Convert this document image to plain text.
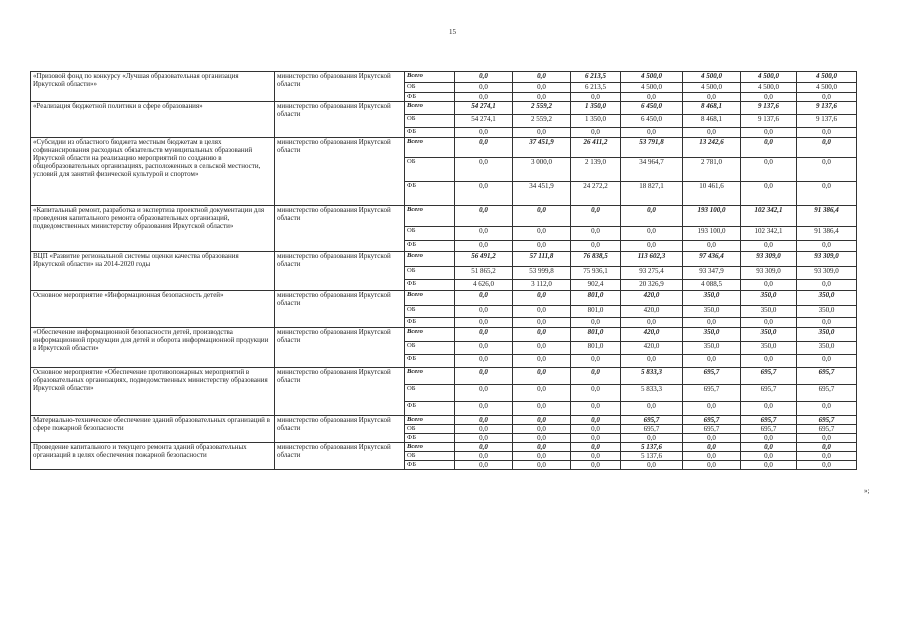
15
«Призовой фонд по конкурсу «Лучшая образовательная организация Иркутской области»»	министерство образования Иркутской области	Всего	0,0	0,0	6 213,5	4 500,0	4 500,0	4 500,0	4 500,0
		ОБ	0,0	0,0	6 213,5	4 500,0	4 500,0	4 500,0	4 500,0
		ФБ	0,0	0,0	0,0	0,0	0,0	0,0	0,0
«Реализация бюджетной политики в сфере образования»	министерство образования Иркутской области	Всего	54 274,1	2 559,2	1 350,0	6 450,0	8 468,1	9 137,6	9 137,6
		ОБ	54 274,1	2 559,2	1 350,0	6 450,0	8 468,1	9 137,6	9 137,6
		ФБ	0,0	0,0	0,0	0,0	0,0	0,0	0,0
«Субсидии из областного бюджета местным бюджетам в целях софинансирования расходных обязательств муниципальных образований Иркутской области на реализацию мероприятий по созданию в общеобразовательных организациях, расположенных в сельской местности, условий для занятий физической культурой и спортом»	министерство образования Иркутской области	Всего	0,0	37 451,9	26 411,2	53 791,8	13 242,6	0,0	0,0
		ОБ	0,0	3 000,0	2 139,0	34 964,7	2 781,0	0,0	0,0
		ФБ	0,0	34 451,9	24 272,2	18 827,1	10 461,6	0,0	0,0
«Капитальный ремонт, разработка и экспертиза проектной документации для проведения капитального ремонта образовательных организаций, подведомственных министерству образования Иркутской области»	министерство образования Иркутской области	Всего	0,0	0,0	0,0	0,0	193 100,0	102 342,1	91 386,4
		ОБ	0,0	0,0	0,0	0,0	193 100,0	102 342,1	91 386,4
		ФБ	0,0	0,0	0,0	0,0	0,0	0,0	0,0
ВЦП «Развитие региональной системы оценки качества образования Иркутской области» на 2014-2020 годы	министерство образования Иркутской области	Всего	56 491,2	57 111,8	76 838,5	113 602,3	97 436,4	93 309,0	93 309,0
		ОБ	51 865,2	53 999,8	75 936,1	93 275,4	93 347,9	93 309,0	93 309,0
		ФБ	4 626,0	3 112,0	902,4	20 326,9	4 088,5	0,0	0,0
Основное мероприятие «Информационная безопасность детей»	министерство образования Иркутской области	Всего	0,0	0,0	801,0	420,0	350,0	350,0	350,0
		ОБ	0,0	0,0	801,0	420,0	350,0	350,0	350,0
		ФБ	0,0	0,0	0,0	0,0	0,0	0,0	0,0
«Обеспечение информационной безопасности детей, производства информационной продукции для детей и оборота информационной продукции в Иркутской области»	министерство образования Иркутской области	Всего	0,0	0,0	801,0	420,0	350,0	350,0	350,0
		ОБ	0,0	0,0	801,0	420,0	350,0	350,0	350,0
		ФБ	0,0	0,0	0,0	0,0	0,0	0,0	0,0
Основное мероприятие «Обеспечение противопожарных мероприятий в образовательных организациях, подведомственных министерству образования Иркутской области»	министерство образования Иркутской области	Всего	0,0	0,0	0,0	5 833,3	695,7	695,7	695,7
		ОБ	0,0	0,0	0,0	5 833,3	695,7	695,7	695,7
		ФБ	0,0	0,0	0,0	0,0	0,0	0,0	0,0
Материально-техническое обеспечение зданий образовательных организаций в сфере пожарной безопасности	министерство образования Иркутской области	Всего	0,0	0,0	0,0	695,7	695,7	695,7	695,7
		ОБ	0,0	0,0	0,0	695,7	695,7	695,7	695,7
		ФБ	0,0	0,0	0,0	0,0	0,0	0,0	0,0
Проведение капитального и текущего ремонта зданий образовательных организаций в целях обеспечения пожарной безопасности	министерство образования Иркутской области	Всего	0,0	0,0	0,0	5 137,6	0,0	0,0	0,0
		ОБ	0,0	0,0	0,0	5 137,6	0,0	0,0	0,0
		ФБ	0,0	0,0	0,0	0,0	0,0	0,0	0,0
»;
